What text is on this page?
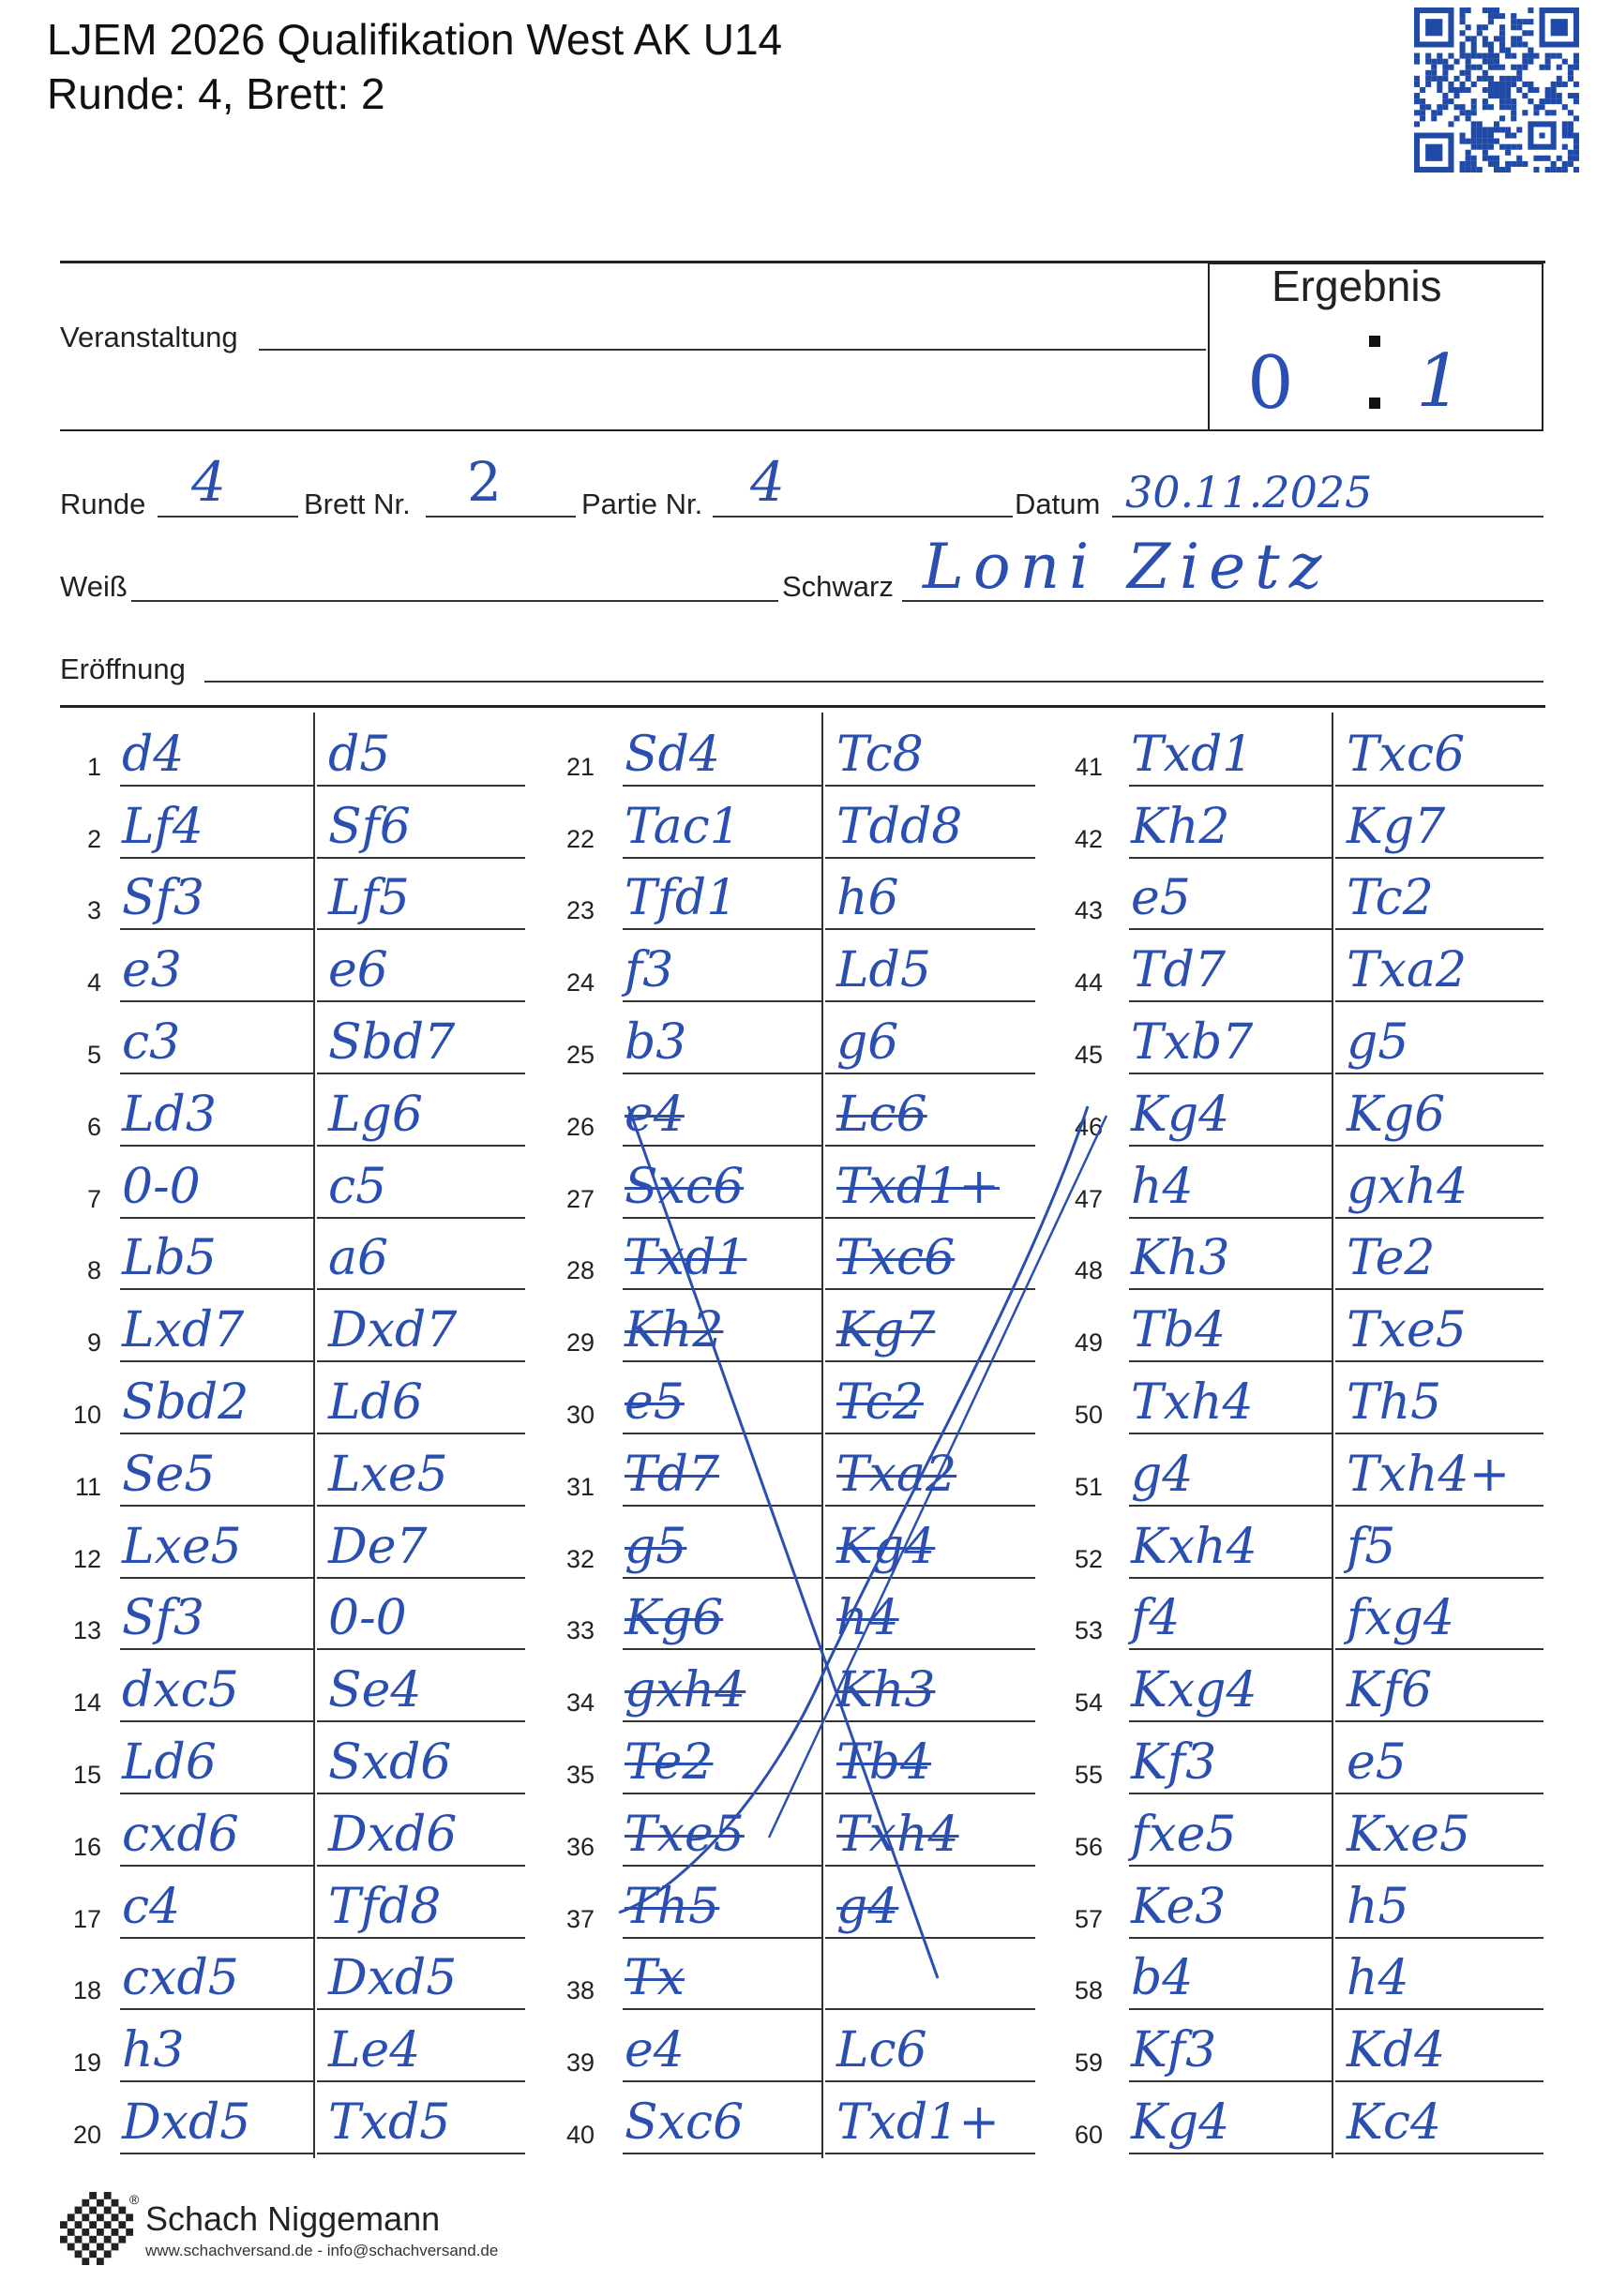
LJEM 2026 Qualifikation West AK U14
Runde: 4, Brett: 2
Veranstaltung
Ergebnis
0 1
Runde 4	Brett Nr. 2	Partie Nr. 4	Datum 30.11.2025
Weiß	Schwarz Loni Zietz
Eröffnung
1 d4	d5
2 Lf4	Sf6
3 Sf3	Lf5
4 e3	e6
5 c3	Sbd7
6 Ld3 Lg6
7 0-0	c5
8 Lb5 a6
9 Lxd7 Dxd7
10 Sbd2 Ld6
11 Se5 Lxe5
12 Lxe5 De7
13 Sf3	0-0
14 dxc5 Se4
15 Ld6 Sxd6
16 cxd6 Dxd6
17 c4	Tfd8
18 cxd5 Dxd5
19 h3	Le4
20 Dxd5 Txd5
21 Sd4 Tc8
22 Tac1 Tdd8
23 Tfd1 h6
24 f3	Ld5
25 b3	g6
26 e4	Lc6
27 Sxc6 Txd1+
28 Txd1 Txc6
29 Kh2 Kg7
30 e5	Tc2
31 Td7 Txa2
32 g5	Kg4
33 Kg6 h4
34 gxh4 Kh3
35 Te2	Tb4
36 Txe5 Txh4
37 Th5 g4
38 Tx
39 e4	Lc6
40 Sxc6 Txd1+
41 Txd1 Txc6
42 Kh2 Kg7
43 e5	Tc2
44 Td7 Txa2
45 Txb7 g5
46 Kg4 Kg6
47 h4	gxh4
48 Kh3 Te2
49 Tb4 Txe5
50 Txh4 Th5
51 g4	Txh4+
52 Kxh4 f5
53 f4	fxg4
54 Kxg4 Kf6
55 Kf3	e5
56 fxe5 Kxe5
57 Ke3 h5
58 b4	h4
59 Kf3	Kd4
60 Kg4 Kc4
® Schach Niggemann
www.schachversand.de - info@schachversand.de
